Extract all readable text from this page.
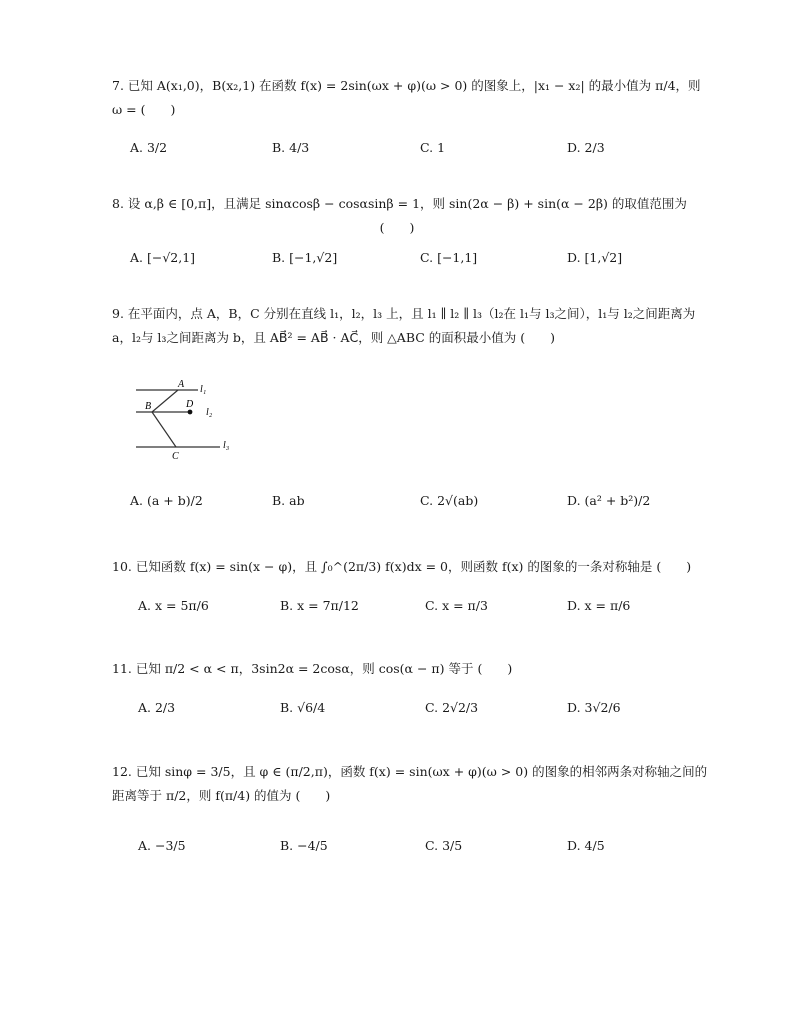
7. 已知 A(x₁,0)，B(x₂,1) 在函数 f(x) = 2sin(ωx + φ)(ω > 0) 的图象上，|x₁ − x₂| 的最小值为 π/4，则 ω = (　　)
A. 3/2	B. 4/3	C. 1	D. 2/3
8. 设 α,β ∈ [0,π]，且满足 sinαcosβ − cosαsinβ = 1，则 sin(2α − β) + sin(α − 2β) 的取值范围为
(　　)
A. [−√2,1]	B. [−1,√2]	C. [−1,1]	D. [1,√2]
9. 在平面内，点 A，B，C 分别在直线 l₁，l₂，l₃ 上，且 l₁ ∥ l₂ ∥ l₃（l₂在 l₁与 l₃之间），l₁与 l₂之间距离为 a，l₂与 l₃之间距离为 b，且 AB⃗² = AB⃗ · AC⃗，则 △ABC 的面积最小值为 (　　)
A
B	D
C
l₁
l₂
l₃
A. (a + b)/2	B. ab	C. 2√(ab)	D. (a² + b²)/2
10. 已知函数 f(x) = sin(x − φ)，且 ∫₀^(2π/3) f(x)dx = 0，则函数 f(x) 的图象的一条对称轴是 (　　)
A. x = 5π/6	B. x = 7π/12	C. x = π/3	D. x = π/6
11. 已知 π/2 < α < π，3sin2α = 2cosα，则 cos(α − π) 等于 (　　)
A. 2/3	B. √6/4	C. 2√2/3	D. 3√2/6
12. 已知 sinφ = 3/5，且 φ ∈ (π/2,π)，函数 f(x) = sin(ωx + φ)(ω > 0) 的图象的相邻两条对称轴之间的距离等于 π/2，则 f(π/4) 的值为 (　　)
A. −3/5	B. −4/5	C. 3/5	D. 4/5
